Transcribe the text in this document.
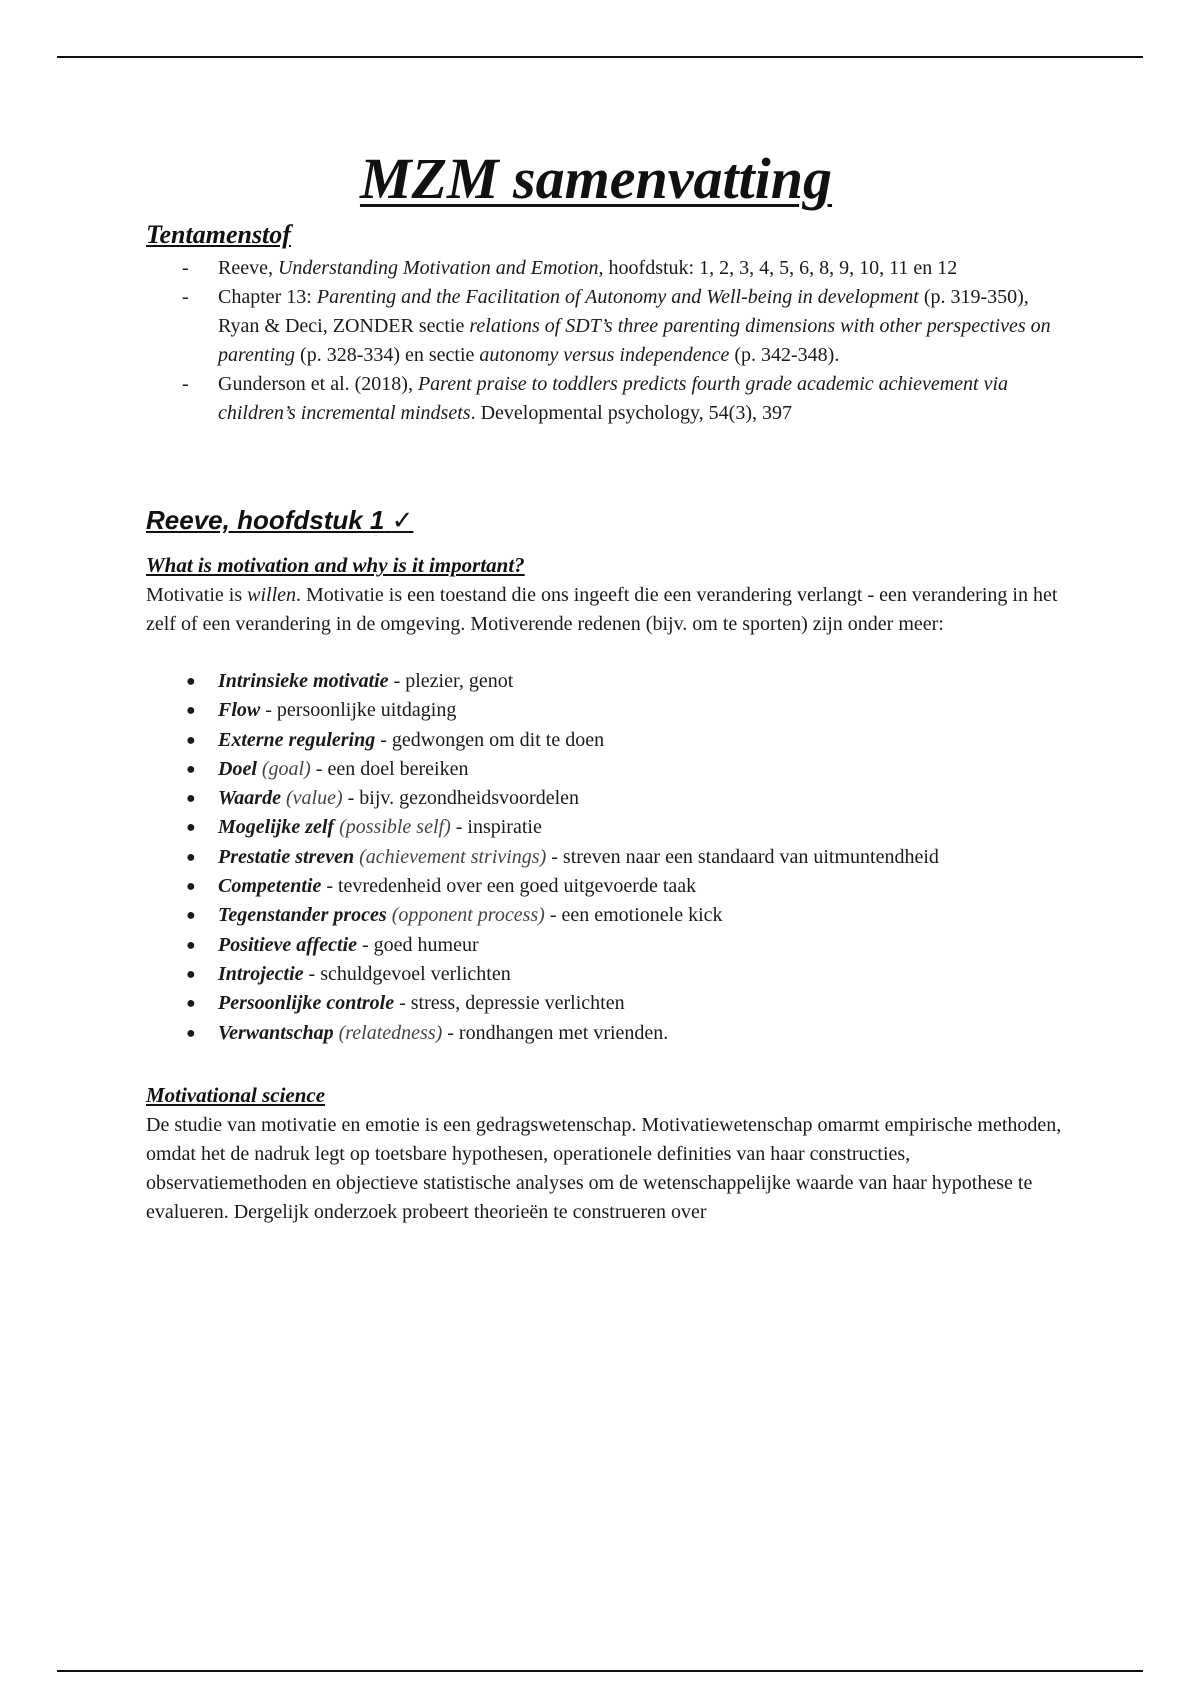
MZM samenvatting
Tentamenstof
- Reeve, Understanding Motivation and Emotion, hoofdstuk: 1, 2, 3, 4, 5, 6, 8, 9, 10, 11 en 12
- Chapter 13: Parenting and the Facilitation of Autonomy and Well-being in development (p. 319-350), Ryan & Deci, ZONDER sectie relations of SDT’s three parenting dimensions with other perspectives on parenting (p. 328-334) en sectie autonomy versus independence (p. 342-348).
- Gunderson et al. (2018), Parent praise to toddlers predicts fourth grade academic achievement via children’s incremental mindsets. Developmental psychology, 54(3), 397
Reeve, hoofdstuk 1 ✓
What is motivation and why is it important?

Motivatie is willen. Motivatie is een toestand die ons ingeeft die een verandering verlangt - een verandering in het zelf of een verandering in de omgeving. Motiverende redenen (bijv. om te sporten) zijn onder meer:

● Intrinsieke motivatie - plezier, genot
● Flow - persoonlijke uitdaging
● Externe regulering - gedwongen om dit te doen
● Doel (goal) - een doel bereiken
● Waarde (value) - bijv. gezondheidsvoordelen
● Mogelijke zelf (possible self) - inspiratie
● Prestatie streven (achievement strivings) - streven naar een standaard van uitmuntendheid
● Competentie - tevredenheid over een goed uitgevoerde taak
● Tegenstander proces (opponent process) - een emotionele kick
● Positieve affectie - goed humeur
● Introjectie - schuldgevoel verlichten
● Persoonlijke controle - stress, depressie verlichten
● Verwantschap (relatedness) - rondhangen met vrienden.
Motivational science

De studie van motivatie en emotie is een gedragswetenschap. Motivatiewetenschap omarmt empirische methoden, omdat het de nadruk legt op toetsbare hypothesen, operationele definities van haar constructies, observatiemethoden en objectieve statistische analyses om de wetenschappelijke waarde van haar hypothese te evalueren. Dergelijk onderzoek probeert theorieën te construeren over
